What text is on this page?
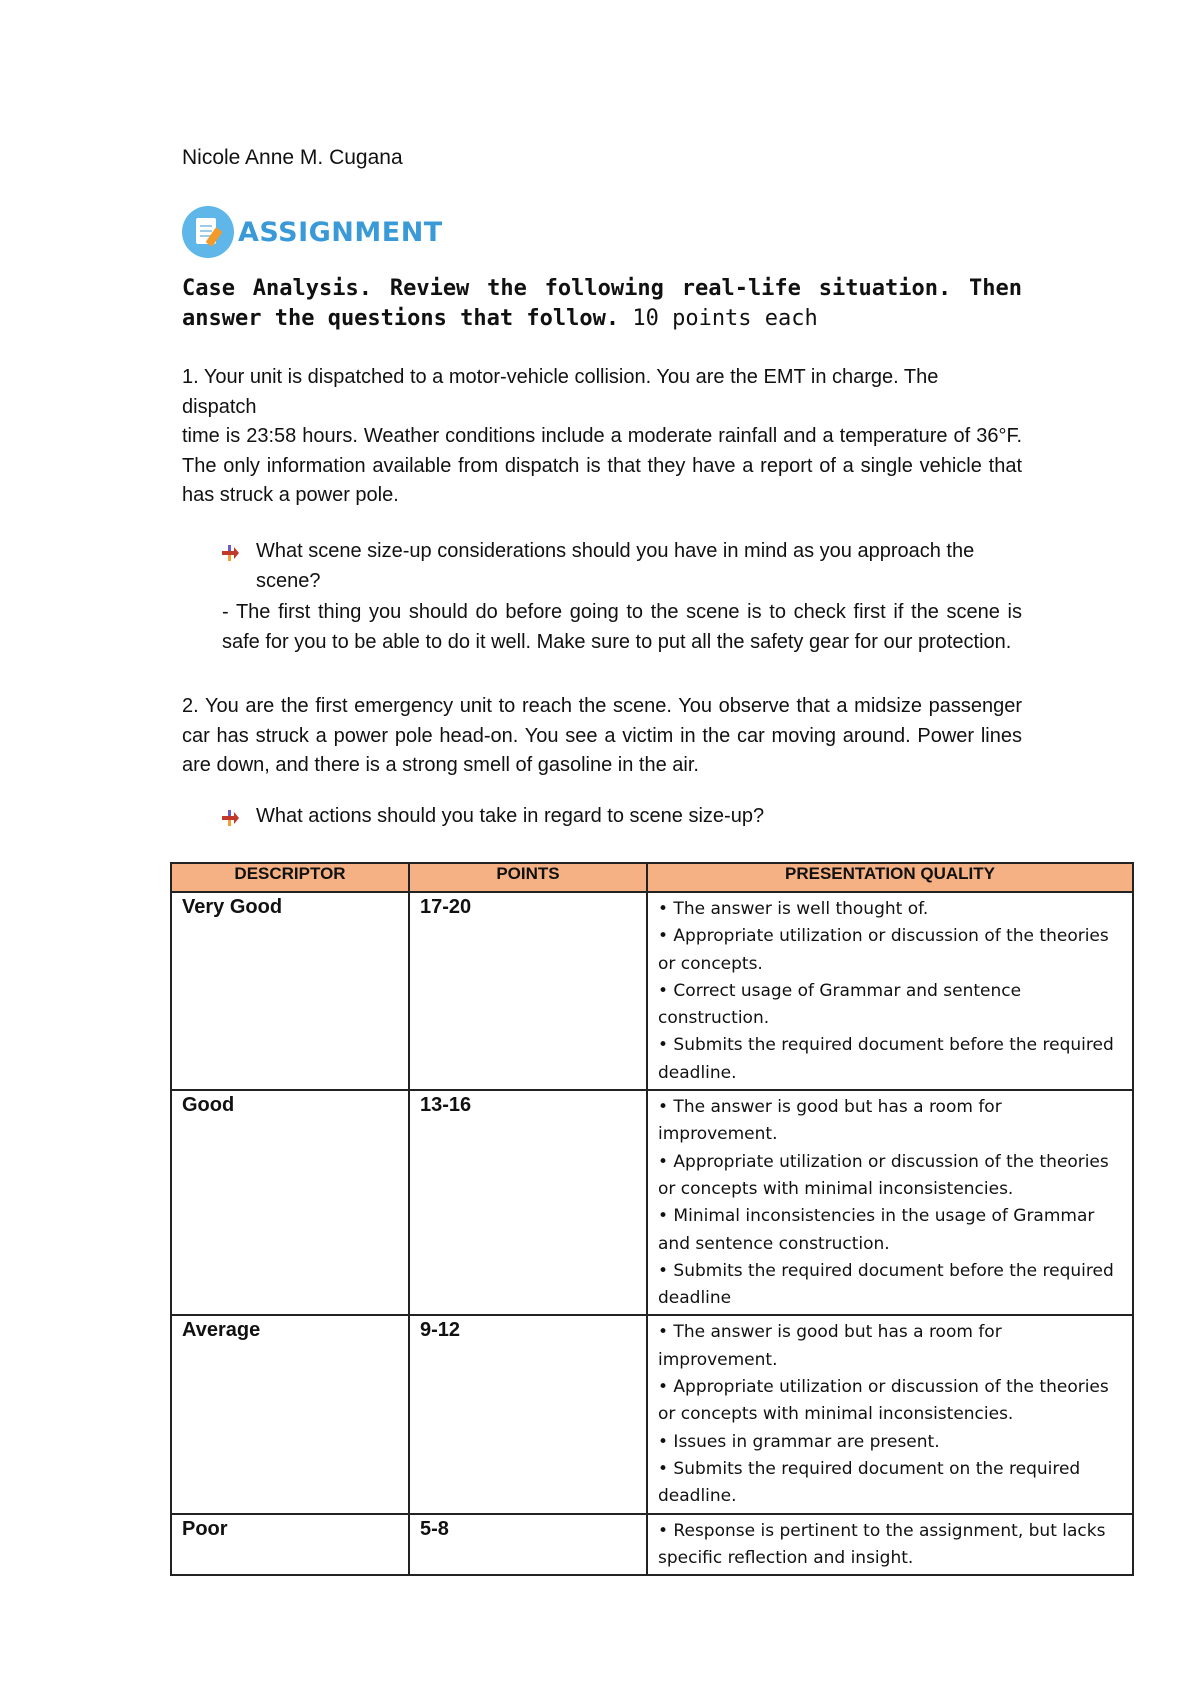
Nicole Anne M. Cugana
ASSIGNMENT
Case Analysis. Review the following real-life situation. Then answer the questions that follow. 10 points each
1. Your unit is dispatched to a motor-vehicle collision. You are the EMT in charge. The
dispatch
time is 23:58 hours. Weather conditions include a moderate rainfall and a temperature of 36°F. The only information available from dispatch is that they have a report of a single vehicle that has struck a power pole.
What scene size-up considerations should you have in mind as you approach the scene?
- The first thing you should do before going to the scene is to check first if the scene is safe for you to be able to do it well. Make sure to put all the safety gear for our protection.
2. You are the first emergency unit to reach the scene. You observe that a midsize passenger car has struck a power pole head-on. You see a victim in the car moving around. Power lines are down, and there is a strong smell of gasoline in the air.
What actions should you take in regard to scene size-up?
DESCRIPTOR	POINTS	PRESENTATION QUALITY
Very Good	17-20	• The answer is well thought of.
• Appropriate utilization or discussion of the theories or concepts.
• Correct usage of Grammar and sentence construction.
• Submits the required document before the required deadline.

Good	13-16	• The answer is good but has a room for improvement.
• Appropriate utilization or discussion of the theories or concepts with minimal inconsistencies.
• Minimal inconsistencies in the usage of Grammar and sentence construction.
• Submits the required document before the required deadline

Average	9-12	• The answer is good but has a room for improvement.
• Appropriate utilization or discussion of the theories or concepts with minimal inconsistencies.
• Issues in grammar are present.
• Submits the required document on the required deadline.

Poor	5-8	• Response is pertinent to the assignment, but lacks specific reflection and insight.
